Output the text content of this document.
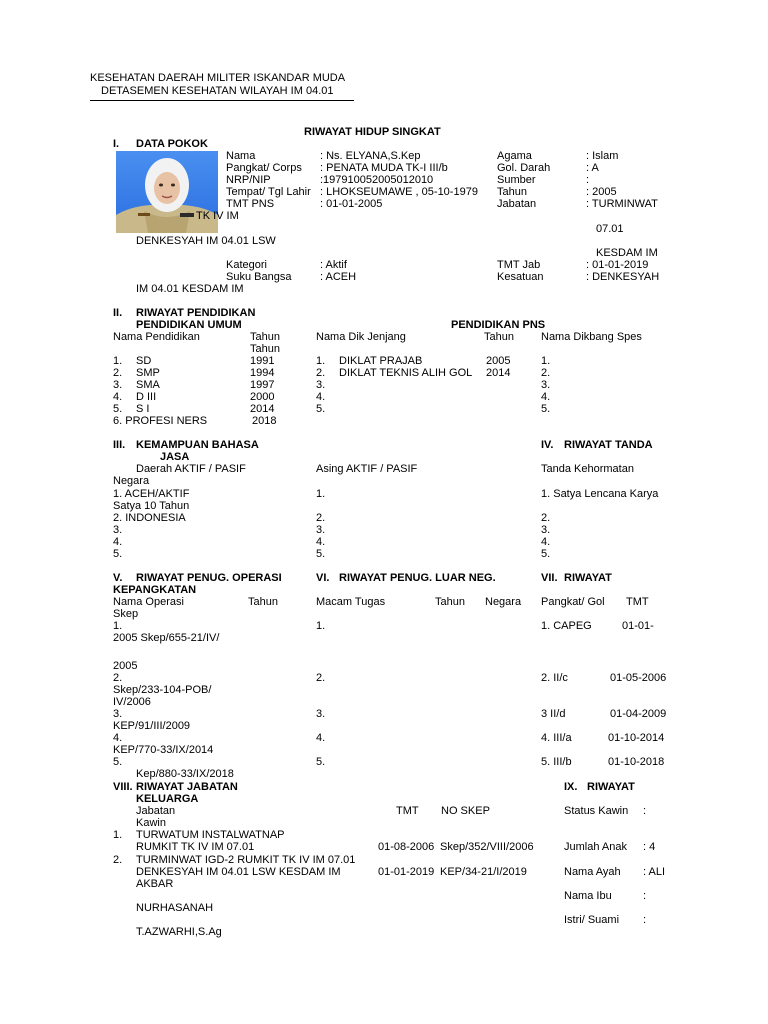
KESEHATAN DAERAH MILITER ISKANDAR MUDA
DETASEMEN KESEHATAN WILAYAH IM 04.01
RIWAYAT HIDUP SINGKAT
I. DATA POKOK
Nama	: Ns. ELYANA,S.Kep	Agama	: Islam
Pangkat/ Corps : PENATA MUDA TK-I III/b	Gol. Darah	: A
NRP/NIP	:197910052005012010	Sumber	:
Tempat/ Tgl Lahir : LHOKSEUMAWE , 05-10-1979 Tahun	: 2005
TMT PNS	: 01-01-2005	Jabatan	: TURMINWAT
TK IV IM
07.01
DENKESYAH IM 04.01 LSW
KESDAM IM
Kategori	: Aktif	TMT Jab	: 01-01-2019
Suku Bangsa	: ACEH	Kesatuan	: DENKESYAH
IM 04.01 KESDAM IM
II. RIWAYAT PENDIDIKAN
PENDIDIKAN UMUM	PENDIDIKAN PNS
Nama Pendidikan	Tahun	Nama Dik Jenjang	Tahun Nama Dikbang Spes
Tahun
1. SD	1991	1. DIKLAT PRAJAB	2005	1.
2. SMP	1994	2. DIKLAT TEKNIS ALIH GOL 2014	2.
3. SMA	1997	3.	3.
4. D III	2000	4.	4.
5. S I	2014	5.	5.
6. PROFESI NERS	2018
III. KEMAMPUAN BAHASA	IV. RIWAYAT TANDA
JASA
Daerah AKTIF / PASIF	Asing AKTIF / PASIF	Tanda Kehormatan
Negara
1. ACEH/AKTIF	1.	1. Satya Lencana Karya
Satya 10 Tahun
2. INDONESIA	2.	2.
3.	3.	3.
4.	4.	4.
5.	5.	5.
V. RIWAYAT PENUG. OPERASI	VI. RIWAYAT PENUG. LUAR NEG.	VII. RIWAYAT
KEPANGKATAN
Nama Operasi	Tahun	Macam Tugas	Tahun Negara Pangkat/ Gol TMT
Skep
1.	1.	1. CAPEG	01-01-
2005 Skep/655-21/IV/
2005
2.	2.	2. II/c	01-05-2006
Skep/233-104-POB/
IV/2006
3.	3.	3 II/d	01-04-2009
KEP/91/III/2009
4.	4.	4. III/a	01-10-2014
KEP/770-33/IX/2014
5.	5.	5. III/b	01-10-2018
Kep/880-33/IX/2018
VIII. RIWAYAT JABATAN	IX. RIWAYAT
KELUARGA
Jabatan	TMT NO SKEP	Status Kawin :
Kawin
1. TURWATUM INSTALWATNAP
RUMKIT TK IV IM 07.01	01-08-2006 Skep/352/VIII/2006	Jumlah Anak : 4
2. TURMINWAT IGD-2 RUMKIT TK IV IM 07.01
DENKESYAH IM 04.01 LSW KESDAM IM	01-01-2019 KEP/34-21/I/2019	Nama Ayah : ALI
AKBAR
Nama Ibu	:
NURHASANAH
Istri/ Suami :
T.AZWARHI,S.Ag
